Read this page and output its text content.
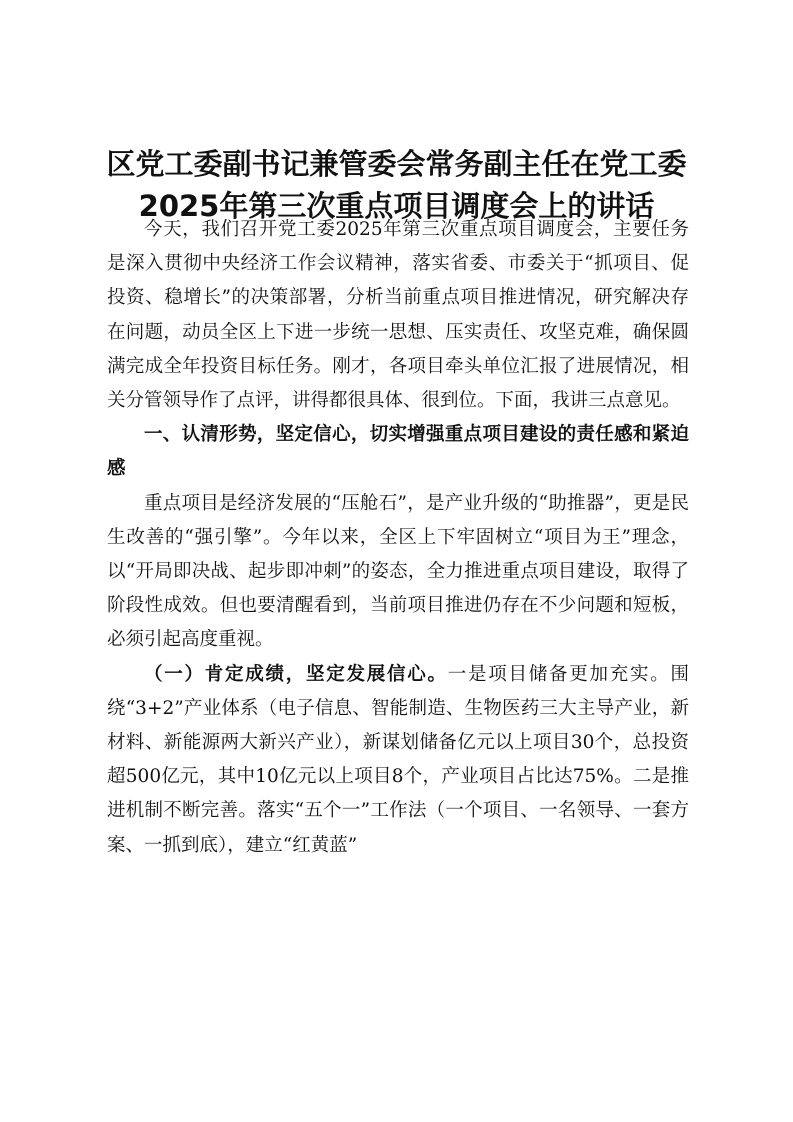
区党工委副书记兼管委会常务副主任在党工委
2025年第三次重点项目调度会上的讲话

今天，我们召开党工委2025年第三次重点项目调度会，主要任务是深入贯彻中央经济工作会议精神，落实省委、市委关于“抓项目、促投资、稳增长”的决策部署，分析当前重点项目推进情况，研究解决存在问题，动员全区上下进一步统一思想、压实责任、攻坚克难，确保圆满完成全年投资目标任务。刚才，各项目牵头单位汇报了进展情况，相关分管领导作了点评，讲得都很具体、很到位。下面，我讲三点意见。

一、认清形势，坚定信心，切实增强重点项目建设的责任感和紧迫感

重点项目是经济发展的“压舱石”，是产业升级的“助推器”，更是民生改善的“强引擎”。今年以来，全区上下牢固树立“项目为王”理念，以“开局即决战、起步即冲刺”的姿态，全力推进重点项目建设，取得了阶段性成效。但也要清醒看到，当前项目推进仍存在不少问题和短板，必须引起高度重视。

（一）肯定成绩，坚定发展信心。一是项目储备更加充实。围绕“3+2”产业体系（电子信息、智能制造、生物医药三大主导产业，新材料、新能源两大新兴产业），新谋划储备亿元以上项目30个，总投资超500亿元，其中10亿元以上项目8个，产业项目占比达75%。二是推进机制不断完善。落实“五个一”工作法（一个项目、一名领导、一套方案、一抓到底），建立“红黄蓝”
